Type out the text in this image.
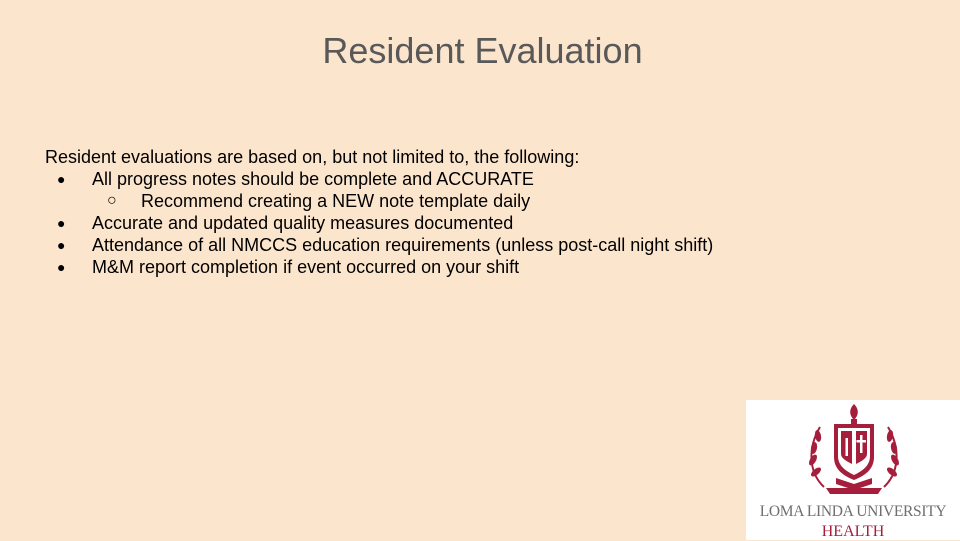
Resident Evaluation

Resident evaluations are based on, but not limited to, the following:

● All progress notes should be complete and ACCURATE
○ Recommend creating a NEW note template daily
● Accurate and updated quality measures documented
● Attendance of all NMCCS education requirements (unless post-call night shift)
● M&M report completion if event occurred on your shift
LOMA LINDA UNIVERSITY
HEALTH
